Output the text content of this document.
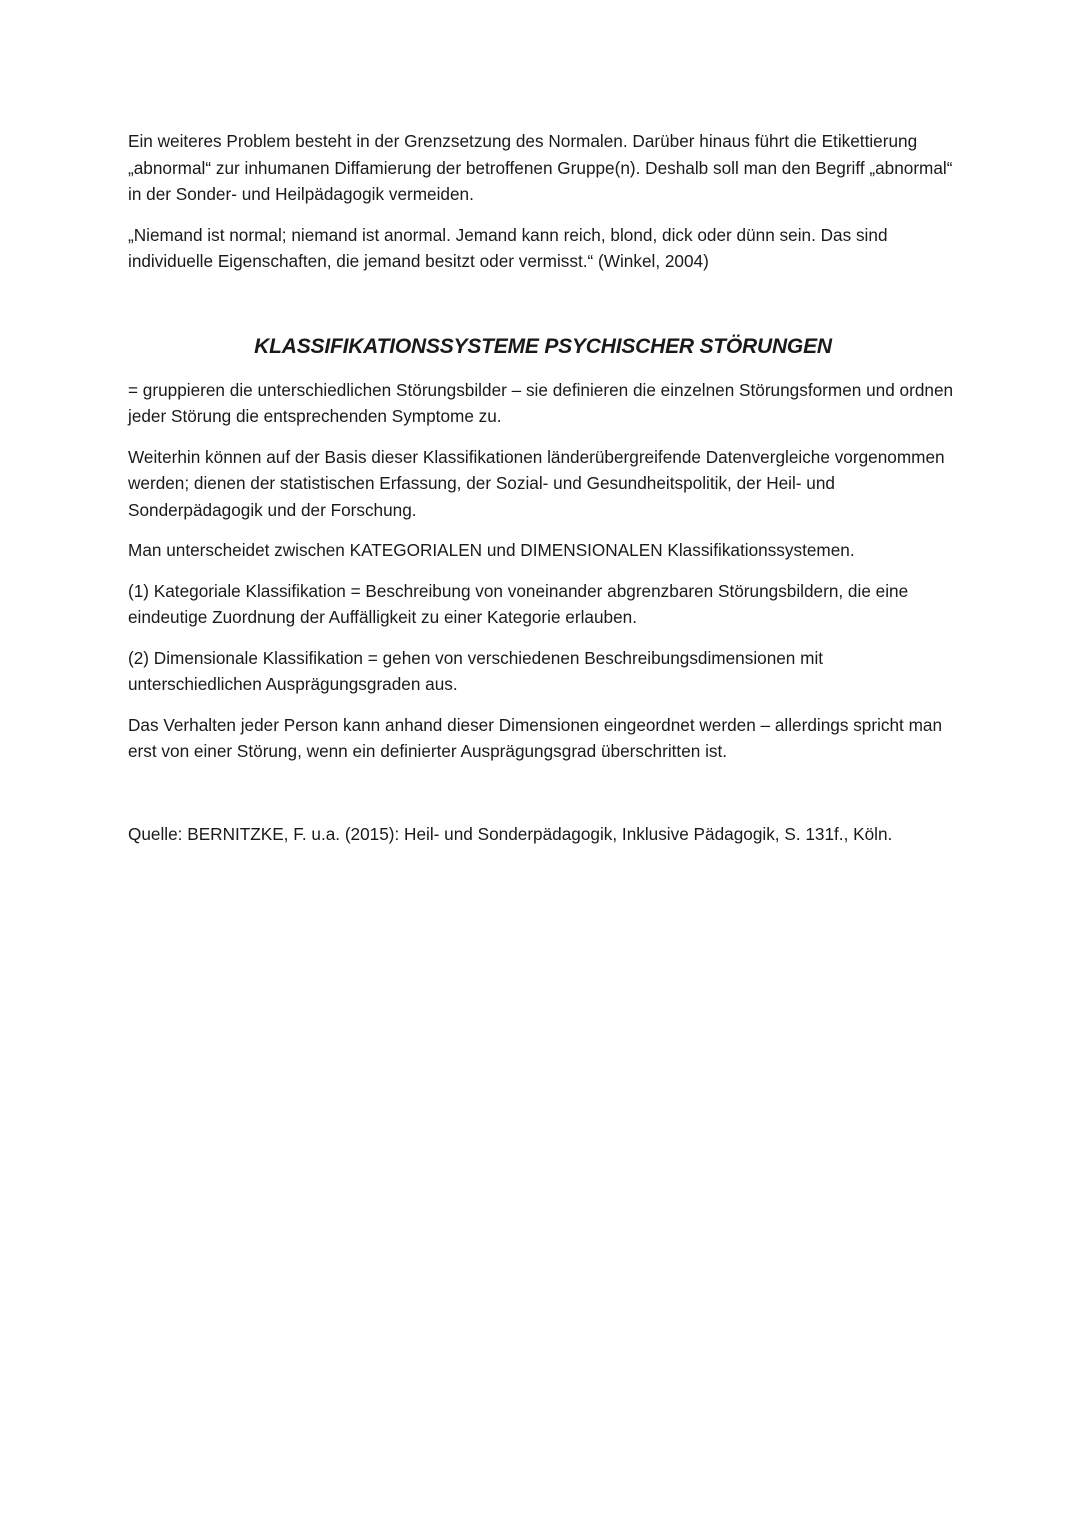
Ein weiteres Problem besteht in der Grenzsetzung des Normalen. Darüber hinaus führt die Etikettierung „abnormal“ zur inhumanen Diffamierung der betroffenen Gruppe(n). Deshalb soll man den Begriff „abnormal“ in der Sonder- und Heilpädagogik vermeiden.

„Niemand ist normal; niemand ist anormal. Jemand kann reich, blond, dick oder dünn sein. Das sind individuelle Eigenschaften, die jemand besitzt oder vermisst.“ (Winkel, 2004)

KLASSIFIKATIONSSYSTEME PSYCHISCHER STÖRUNGEN

= gruppieren die unterschiedlichen Störungsbilder – sie definieren die einzelnen Störungsformen und ordnen jeder Störung die entsprechenden Symptome zu.

Weiterhin können auf der Basis dieser Klassifikationen länderübergreifende Datenvergleiche vorgenommen werden; dienen der statistischen Erfassung, der Sozial- und Gesundheitspolitik, der Heil- und Sonderpädagogik und der Forschung.

Man unterscheidet zwischen KATEGORIALEN und DIMENSIONALEN Klassifikationssystemen.

(1) Kategoriale Klassifikation = Beschreibung von voneinander abgrenzbaren Störungsbildern, die eine eindeutige Zuordnung der Auffälligkeit zu einer Kategorie erlauben.

(2) Dimensionale Klassifikation = gehen von verschiedenen Beschreibungsdimensionen mit unterschiedlichen Ausprägungsgraden aus.

Das Verhalten jeder Person kann anhand dieser Dimensionen eingeordnet werden – allerdings spricht man erst von einer Störung, wenn ein definierter Ausprägungsgrad überschritten ist.

Quelle: BERNITZKE, F. u.a. (2015): Heil- und Sonderpädagogik, Inklusive Pädagogik, S. 131f., Köln.
